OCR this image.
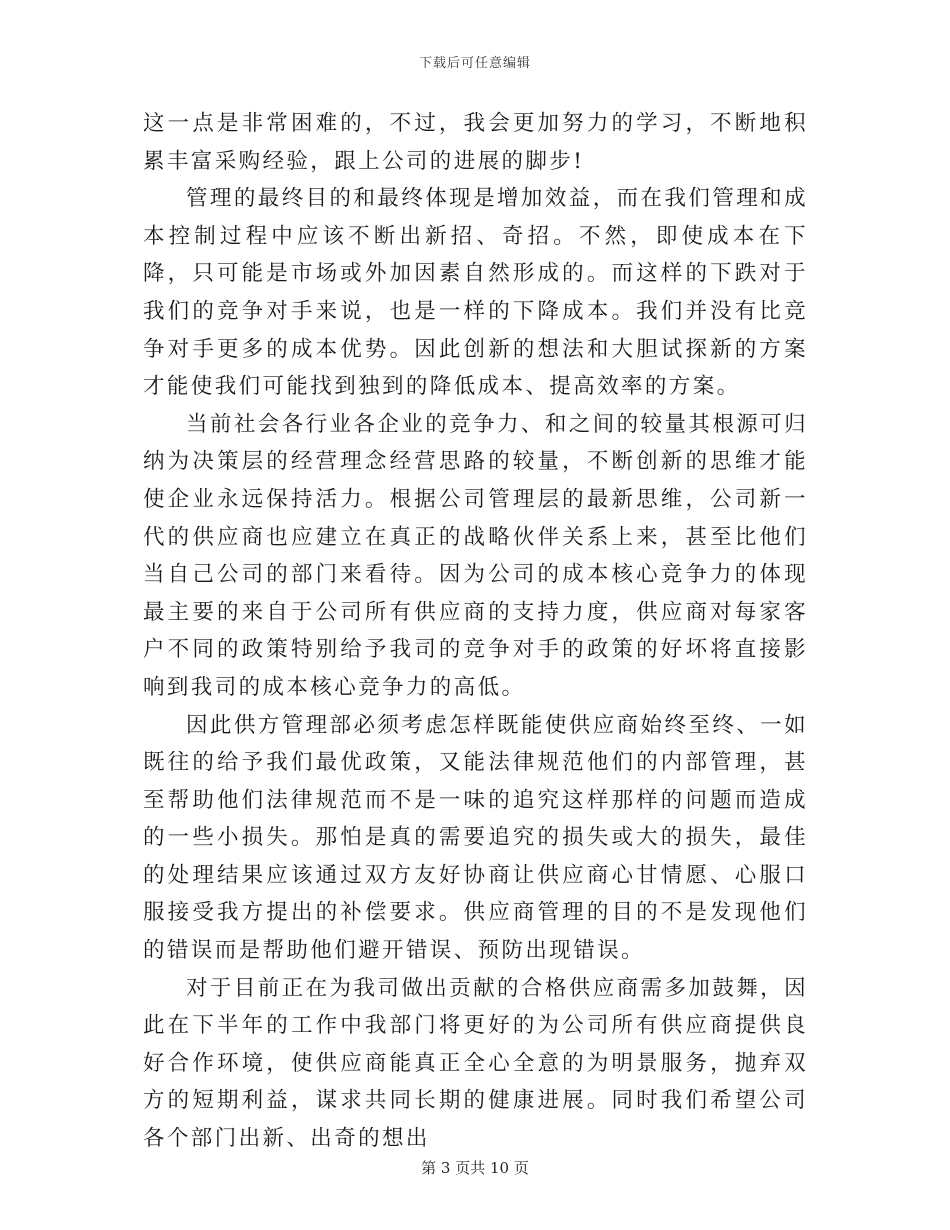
下载后可任意编辑

这一点是非常困难的，不过，我会更加努力的学习，不断地积累丰富采购经验，跟上公司的进展的脚步!

管理的最终目的和最终体现是增加效益，而在我们管理和成本控制过程中应该不断出新招、奇招。不然，即使成本在下降，只可能是市场或外加因素自然形成的。而这样的下跌对于我们的竞争对手来说，也是一样的下降成本。我们并没有比竞争对手更多的成本优势。因此创新的想法和大胆试探新的方案才能使我们可能找到独到的降低成本、提高效率的方案。

当前社会各行业各企业的竞争力、和之间的较量其根源可归纳为决策层的经营理念经营思路的较量，不断创新的思维才能使企业永远保持活力。根据公司管理层的最新思维，公司新一代的供应商也应建立在真正的战略伙伴关系上来，甚至比他们当自己公司的部门来看待。因为公司的成本核心竞争力的体现最主要的来自于公司所有供应商的支持力度，供应商对每家客户不同的政策特别给予我司的竞争对手的政策的好坏将直接影响到我司的成本核心竞争力的高低。

因此供方管理部必须考虑怎样既能使供应商始终至终、一如既往的给予我们最优政策，又能法律规范他们的内部管理，甚至帮助他们法律规范而不是一味的追究这样那样的问题而造成的一些小损失。那怕是真的需要追究的损失或大的损失，最佳的处理结果应该通过双方友好协商让供应商心甘情愿、心服口服接受我方提出的补偿要求。供应商管理的目的不是发现他们的错误而是帮助他们避开错误、预防出现错误。

对于目前正在为我司做出贡献的合格供应商需多加鼓舞，因此在下半年的工作中我部门将更好的为公司所有供应商提供良好合作环境，使供应商能真正全心全意的为明景服务，抛弃双方的短期利益，谋求共同长期的健康进展。同时我们希望公司各个部门出新、出奇的想出

第 3 页共 10 页
